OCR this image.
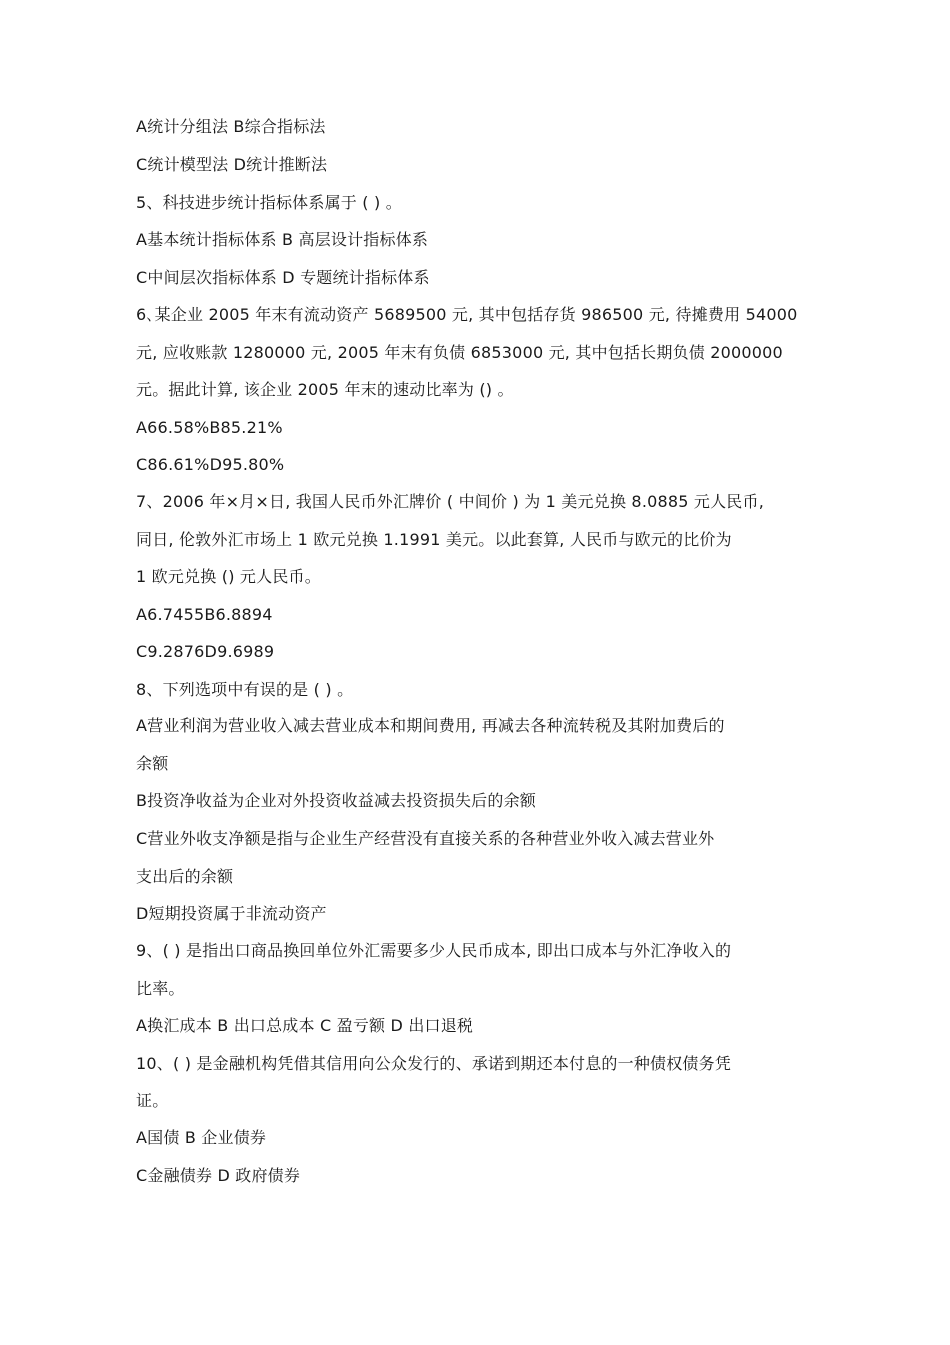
A统计分组法 B综合指标法
C统计模型法 D统计推断法
5、科技进步统计指标体系属于 ( ) 。
A基本统计指标体系 B 高层设计指标体系
C中间层次指标体系 D 专题统计指标体系
6､某企业 2005 年末有流动资产 5689500 元, 其中包括存货 986500 元, 待摊费用 54000
元, 应收账款 1280000 元, 2005 年末有负债 6853000 元, 其中包括长期负债 2000000
元。据此计算, 该企业 2005 年末的速动比率为 () 。
A66.58%B85.21%
C86.61%D95.80%
7、2006 年×月×日, 我国人民币外汇牌价 ( 中间价 ) 为 1 美元兑换 8.0885 元人民币,
同日, 伦敦外汇市场上 1 欧元兑换 1.1991 美元。以此套算, 人民币与欧元的比价为
1 欧元兑换 () 元人民币。
A6.7455B6.8894
C9.2876D9.6989
8、下列选项中有误的是 ( ) 。
A营业利润为营业收入减去营业成本和期间费用, 再减去各种流转税及其附加费后的
余额
B投资净收益为企业对外投资收益减去投资损失后的余额
C营业外收支净额是指与企业生产经营没有直接关系的各种营业外收入减去营业外
支出后的余额
D短期投资属于非流动资产
9、( ) 是指出口商品换回单位外汇需要多少人民币成本, 即出口成本与外汇净收入的
比率。
A换汇成本 B 出口总成本 C 盈亏额 D 出口退税
10、( ) 是金融机构凭借其信用向公众发行的、承诺到期还本付息的一种债权债务凭
证。
A国债 B 企业债券
C金融债券 D 政府债券
